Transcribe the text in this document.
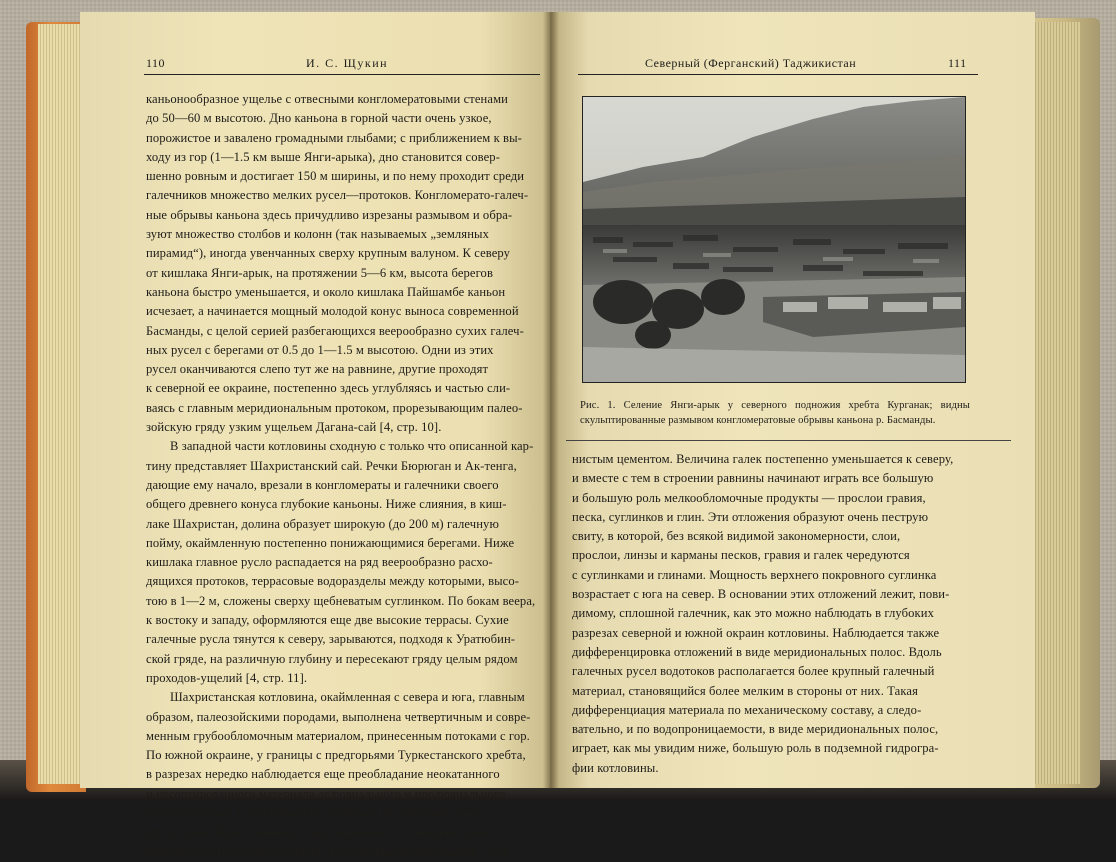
110	И. С. Щукин
каньонообразное ущелье с отвесными конгломератовыми стенами
до 50—60 м высотою. Дно каньона в горной части очень узкое,
порожистое и завалено громадными глыбами; с приближением к вы-
ходу из гор (1—1.5 км выше Янги-арыка), дно становится совер-
шенно ровным и достигает 150 м ширины, и по нему проходит среди
галечников множество мелких русел—протоков. Конгломерато-галеч-
ные обрывы каньона здесь причудливо изрезаны размывом и обра-
зуют множество столбов и колонн (так называемых „земляных
пирамид“), иногда увенчанных сверху крупным валуном. К северу
от кишлака Янги-арык, на протяжении 5—6 км, высота берегов
каньона быстро уменьшается, и около кишлака Пайшамбе каньон
исчезает, а начинается мощный молодой конус выноса современной
Басманды, с целой серией разбегающихся веерообразно сухих галеч-
ных русел с берегами от 0.5 до 1—1.5 м высотою. Одни из этих
русел оканчиваются слепо тут же на равнине, другие проходят
к северной ее окраине, постепенно здесь углубляясь и частью сли-
ваясь с главным меридиональным протоком, прорезывающим палео-
зойскую гряду узким ущельем Дагана-сай [4, стр. 10].
В западной части котловины сходную с только что описанной кар-
тину представляет Шахристанский сай. Речки Бюрюган и Ак-тенга,
дающие ему начало, врезали в конгломераты и галечники своего
общего древнего конуса глубокие каньоны. Ниже слияния, в киш-
лаке Шахристан, долина образует широкую (до 200 м) галечную
пойму, окаймленную постепенно понижающимися берегами. Ниже
кишлака главное русло распадается на ряд веерообразно расхо-
дящихся протоков, террасовые водоразделы между которыми, высо-
тою в 1—2 м, сложены сверху щебневатым суглинком. По бокам веера,
к востоку и западу, оформляются еще две высокие террасы. Сухие
галечные русла тянутся к северу, зарываются, подходя к Уратюбин-
ской гряде, на различную глубину и пересекают гряду целым рядом
проходов-ущелий [4, стр. 11].
Шахристанская котловина, окаймленная с севера и юга, главным
образом, палеозойскими породами, выполнена четвертичным и совре-
менным грубообломочным материалом, принесенным потоками с гор.
По южной окраине, у границы с предгорьями Туркестанского хребта,
в разрезах нередко наблюдается еще преобладание неокатанного
и несортированного материала делювиального и пролювиального
происхождения. С удалением от подошвы гор, обломки стано-
вятся более обработанными, округленными, и отложения прио-
бретают вид галечников, иногда уплотненных в конгломерат с гли-
Северный (Ферганский) Таджикистан	111
Рис. 1. Селение Янги-арык у северного подножия хребта Курганак; видны скульптированные размывом конгломератовые обрывы каньона р. Басманды.
нистым цементом. Величина галек постепенно уменьшается к северу,
и вместе с тем в строении равнины начинают играть все большую
и большую роль мелкообломочные продукты — прослои гравия,
песка, суглинков и глин. Эти отложения образуют очень пеструю
свиту, в которой, без всякой видимой закономерности, слои,
прослои, линзы и карманы песков, гравия и галек чередуются
с суглинками и глинами. Мощность верхнего покровного суглинка
возрастает с юга на север. В основании этих отложений лежит, пови-
димому, сплошной галечник, как это можно наблюдать в глубоких
разрезах северной и южной окраин котловины. Наблюдается также
дифференцировка отложений в виде меридиональных полос. Вдоль
галечных русел водотоков располагается более крупный галечный
материал, становящийся более мелким в стороны от них. Такая
дифференциация материала по механическому составу, а следо-
вательно, и по водопроницаемости, в виде меридиональных полос,
играет, как мы увидим ниже, большую роль в подземной гидрогра-
фии котловины.
